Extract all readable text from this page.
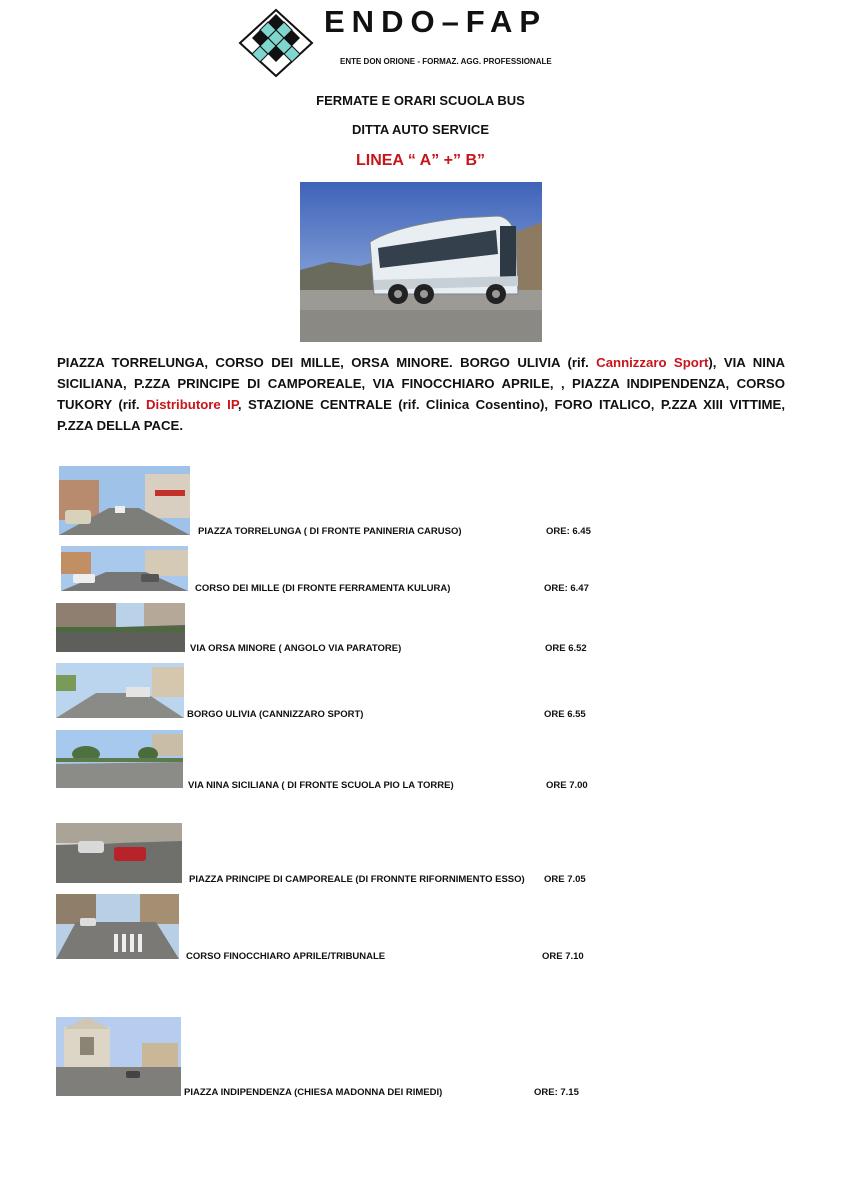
ENDO–FAP
ENTE DON ORIONE - FORMAZ. AGG. PROFESSIONALE
FERMATE E ORARI SCUOLA BUS
DITTA AUTO SERVICE
LINEA “ A” +” B”
PIAZZA TORRELUNGA, CORSO DEI MILLE, ORSA MINORE. BORGO ULIVIA (rif. Cannizzaro Sport), VIA NINA SICILIANA, P.ZZA PRINCIPE DI CAMPOREALE, VIA FINOCCHIARO APRILE, , PIAZZA INDIPENDENZA, CORSO TUKORY (rif. Distributore IP, STAZIONE CENTRALE (rif. Clinica Cosentino), FORO ITALICO, P.ZZA XIII VITTIME, P.ZZA DELLA PACE.
PIAZZA TORRELUNGA ( DI FRONTE PANINERIA CARUSO)	ORE: 6.45
CORSO DEI MILLE (DI FRONTE FERRAMENTA KULURA)	ORE: 6.47
VIA ORSA MINORE ( ANGOLO VIA PARATORE)	ORE 6.52
BORGO ULIVIA (CANNIZZARO SPORT)	ORE 6.55
VIA NINA SICILIANA ( DI FRONTE SCUOLA PIO LA TORRE)	ORE 7.00
PIAZZA PRINCIPE DI CAMPOREALE (DI FRONNTE RIFORNIMENTO ESSO) ORE 7.05
CORSO FINOCCHIARO APRILE/TRIBUNALE	ORE 7.10
PIAZZA INDIPENDENZA (CHIESA MADONNA DEI RIMEDI)	ORE: 7.15
